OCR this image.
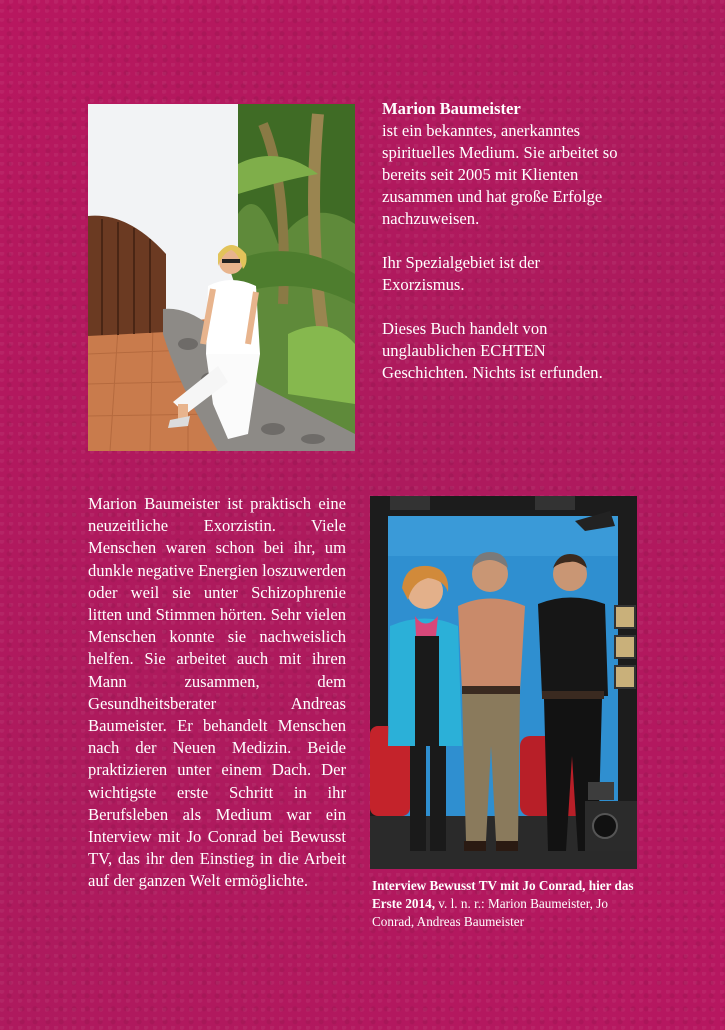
Marion Baumeister

ist ein bekanntes, anerkanntes spirituelles Medium. Sie arbeitet so bereits seit 2005 mit Klienten zusammen und hat große Erfolge nachzuweisen.

Ihr Spezialgebiet ist der Exorzismus.

Dieses Buch handelt von unglaublichen ECHTEN Geschichten. Nichts ist erfunden.

Marion Baumeister ist praktisch eine neuzeitliche Exorzistin. Viele Menschen waren schon bei ihr, um dunkle negative Energien loszuwerden oder weil sie unter Schizophrenie litten und Stimmen hörten. Sehr vielen Menschen konnte sie nachweislich helfen. Sie arbeitet auch mit ihren Mann zusammen, dem Gesundheitsberater Andreas Baumeister. Er behandelt Menschen nach der Neuen Medizin. Beide praktizieren unter einem Dach. Der wichtigste erste Schritt in ihr Berufsleben als Medium war ein Interview mit Jo Conrad bei Bewusst TV, das ihr den Einstieg in die Arbeit auf der ganzen Welt ermöglichte.	Interview Bewusst TV mit Jo Conrad, hier das Erste 2014, v. l. n. r.: Marion Baumeister, Jo Conrad, Andreas Baumeister
